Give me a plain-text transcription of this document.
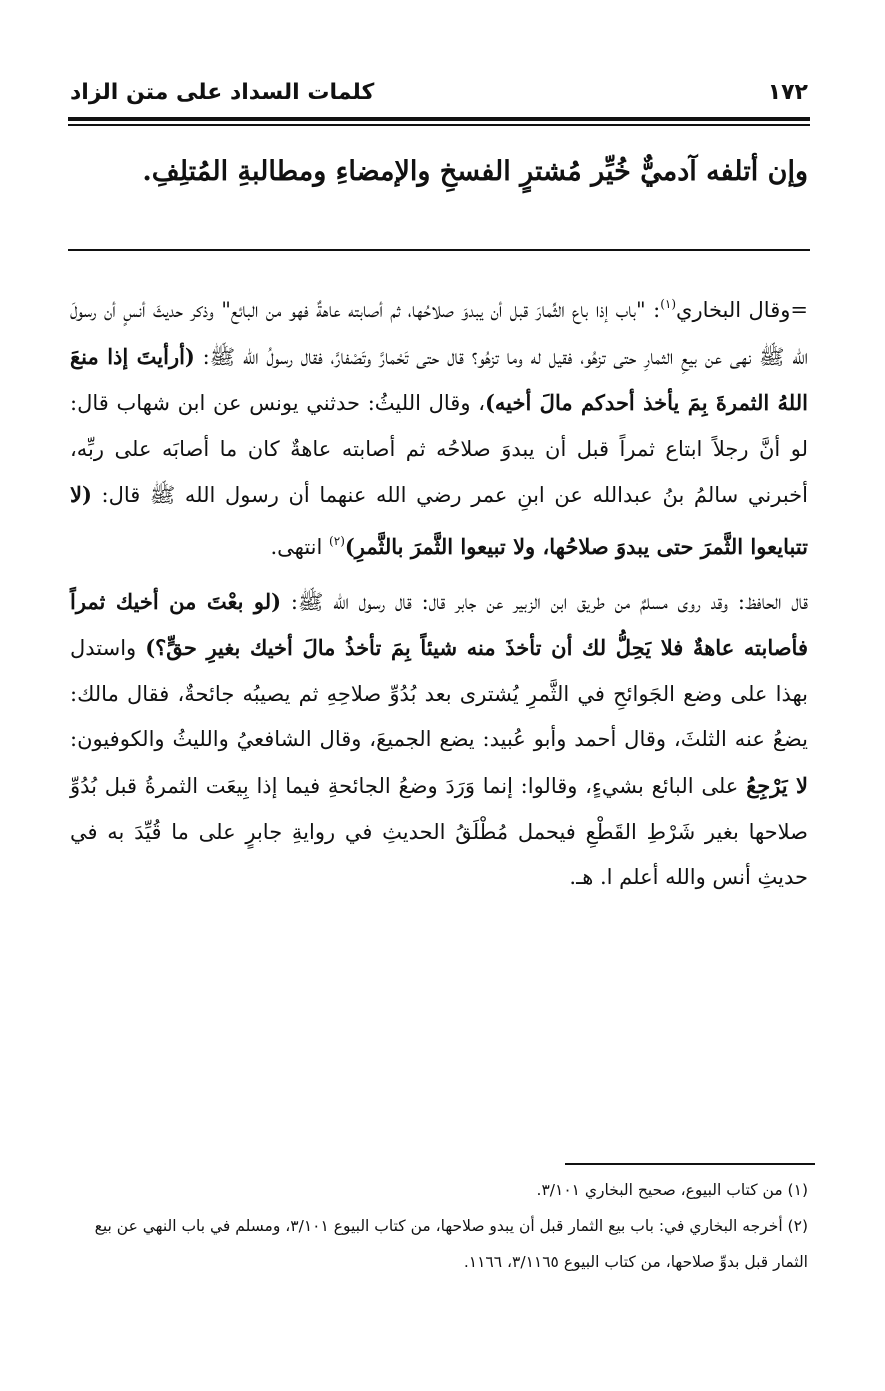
١٧٢
كلمات السداد على متن الزاد
وإن أتلفه آدميٌّ خُيِّر مُشترٍ الفسخِ والإمضاءِ ومطالبةِ المُتلِفِ.

=وقال البخاري$^{(١)}$: "باب إذا باع الثِّمارَ قبل أن يبدوَ صلاحُها، ثم أصابته عاهةٌ فهو من البائع" وذكر حديثَ أنسٍ أن رسولَ الله ﷺ نهى عن بيعِ الثمارِ حتى تزهُو، فقيل له وما تزهُو؟ قال حتى تَحْمارَّ وتَصْفارَّ، فقال رسولُ الله ﷺ: (أرأيتَ إذا منعَ اللهُ الثمرةَ بِمَ يأخذ أحدكم مالَ أخيه)، وقال الليثُ: حدثني يونس عن ابن شهاب قال: لو أنَّ رجلاً ابتاع ثمراً قبل أن يبدوَ صلاحُه ثم أصابته عاهةٌ كان ما أصابَه على ربِّه، أخبرني سالمُ بنُ عبدالله عن ابنِ عمر رضي الله عنهما أن رسول الله ﷺ قال: (لا تتبايعوا الثَّمرَ حتى يبدوَ صلاحُها، ولا تبيعوا الثَّمرَ بالثَّمرِ)$^{(٢)}$ انتهى.

قال الحافظ: وقد روى مسلمٌ من طريق ابن الزبير عن جابر قال: قال رسول الله ﷺ: (لو بعْتَ من أخيك ثمراً فأصابته عاهةٌ فلا يَحِلُّ لك أن تأخذَ منه شيئاً بِمَ تأخذُ مالَ أخيك بغيرِ حقٍّ؟) واستدل بهذا على وضع الجَوائحِ في الثَّمرِ يُشترى بعد بُدُوِّ صلاحِهِ ثم يصيبُه جائحةٌ، فقال مالك: يضعُ عنه الثلثَ، وقال أحمد وأبو عُبيد: يضع الجميعَ، وقال الشافعيُ والليثُ والكوفيون: لا يَرْجِعُ على البائع بشيءٍ، وقالوا: إنما وَرَدَ وضعُ الجائحةِ فيما إذا بِيعَت الثمرةُ قبل بُدُوِّ صلاحها بغير شَرْطِ القَطْعِ فيحمل مُطْلَقُ الحديثِ في روايةِ جابرٍ على ما قُيِّدَ به في حديثِ أنس والله أعلم ا. هـ.

(١) من كتاب البيوع، صحيح البخاري ٣/١٠١.

(٢) أخرجه البخاري في: باب بيع الثمار قبل أن يبدو صلاحها، من كتاب البيوع ٣/١٠١، ومسلم في باب النهي عن بيع الثمار قبل بدوِّ صلاحها، من كتاب البيوع ٣/١١٦٥، ١١٦٦.
